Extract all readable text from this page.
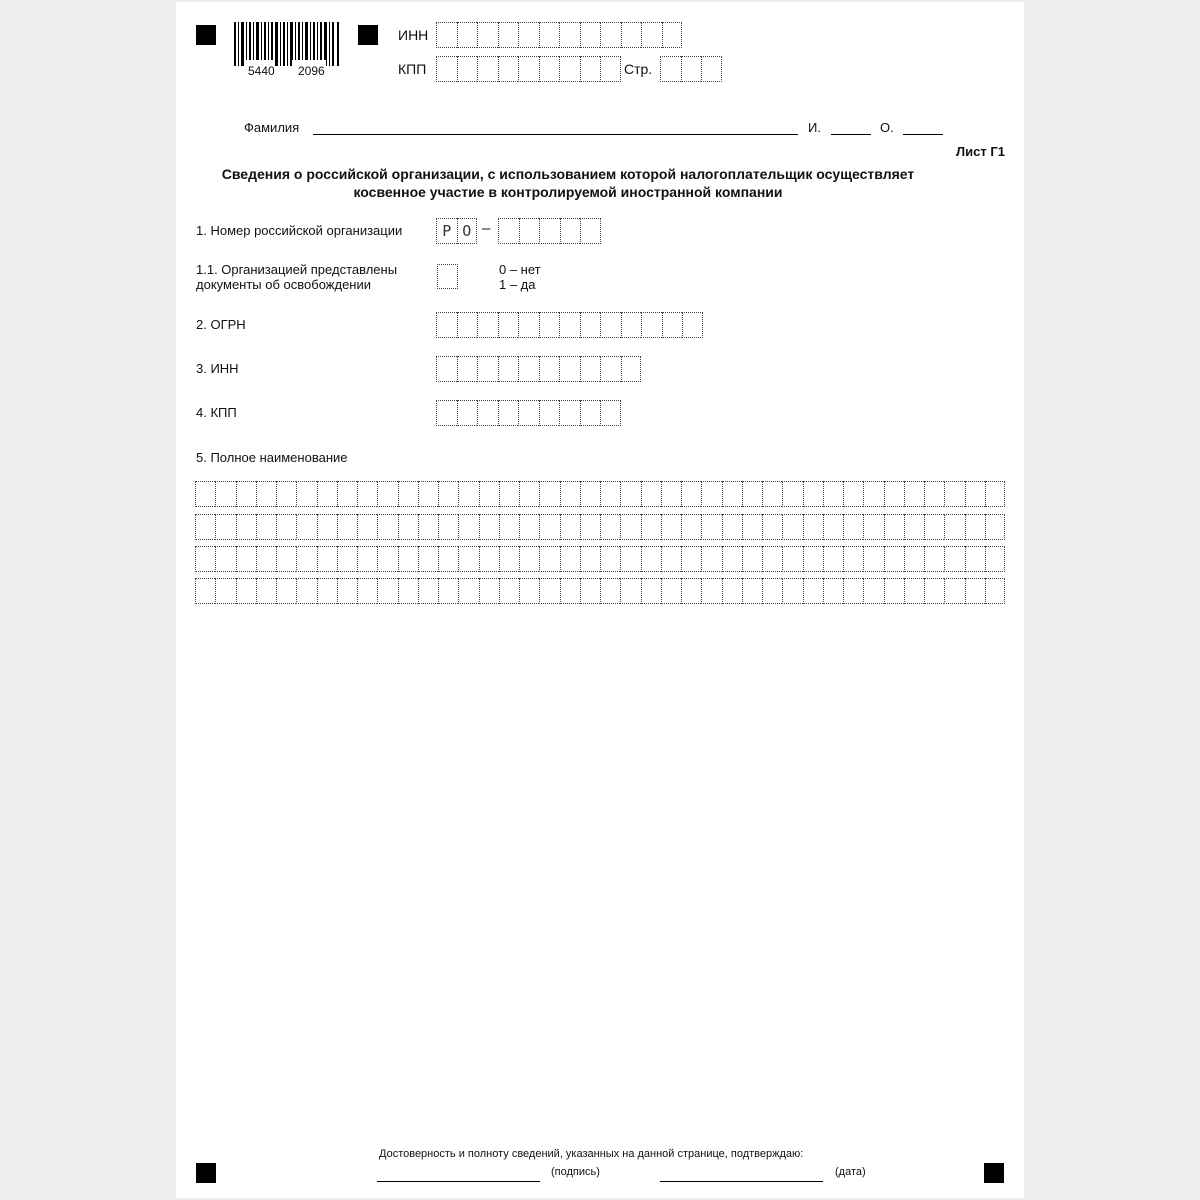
5440 2096
ИНН
КПП	Стр.
Фамилия	И.	О.
Лист Г1
Сведения о российской организации, с использованием которой налогоплательщик осуществляет
косвенное участие в контролируемой иностранной компании
1. Номер российской организации	P O –
1.1. Организацией представлены
документы об освобождении
0 – нет
1 – да
2. ОГРН
3. ИНН
4. КПП
5. Полное наименование
Достоверность и полноту сведений, указанных на данной странице, подтверждаю:
(подпись)	(дата)
